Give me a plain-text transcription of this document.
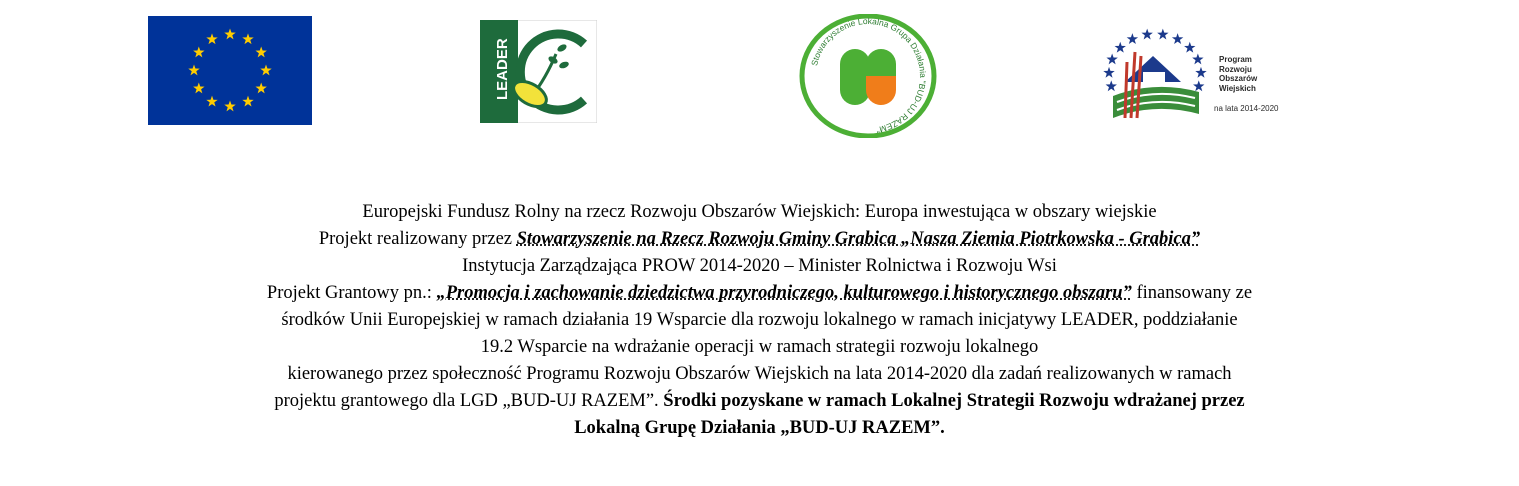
LEADER	Stowarzyszenie Lokalna Grupa Działania "BUD-UJ RAZEM"
Program
Rozwoju
Obszarów
Wiejskich
na lata 2014-2020
Europejski Fundusz Rolny na rzecz Rozwoju Obszarów Wiejskich: Europa inwestująca w obszary wiejskie
Projekt realizowany przez Stowarzyszenie na Rzecz Rozwoju Gminy Grabica „Nasza Ziemia Piotrkowska - Grabica”
Instytucja Zarządzająca PROW 2014-2020 – Minister Rolnictwa i Rozwoju Wsi
Projekt Grantowy pn.: „Promocja i zachowanie dziedzictwa przyrodniczego, kulturowego i historycznego obszaru” finansowany ze
środków Unii Europejskiej w ramach działania 19 Wsparcie dla rozwoju lokalnego w ramach inicjatywy LEADER, poddziałanie
19.2 Wsparcie na wdrażanie operacji w ramach strategii rozwoju lokalnego
kierowanego przez społeczność Programu Rozwoju Obszarów Wiejskich na lata 2014-2020 dla zadań realizowanych w ramach
projektu grantowego dla LGD „BUD-UJ RAZEM”. Środki pozyskane w ramach Lokalnej Strategii Rozwoju wdrażanej przez
Lokalną Grupę Działania „BUD-UJ RAZEM”.
